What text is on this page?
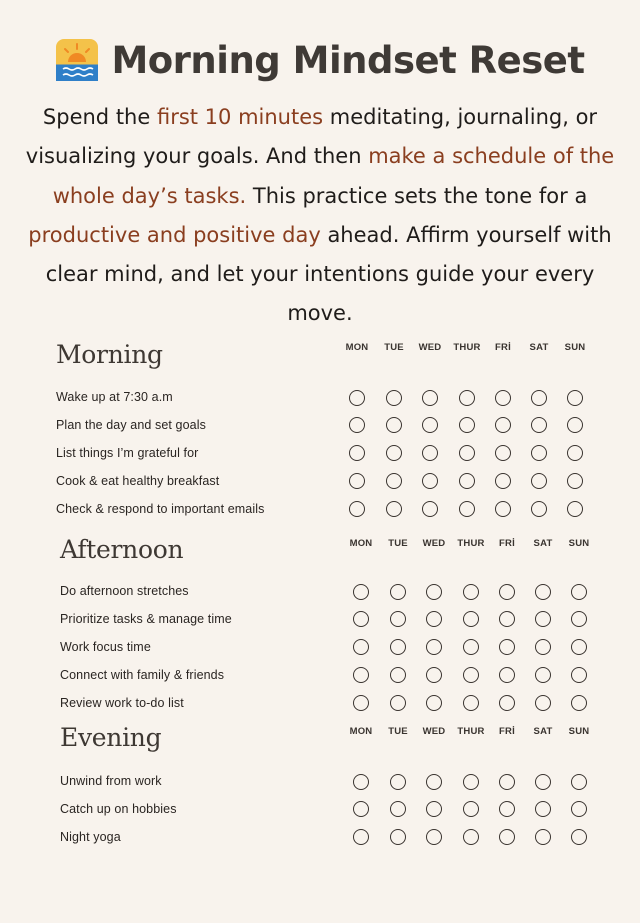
Morning Mindset Reset
Spend the first 10 minutes meditating, journaling, or visualizing your goals. And then make a schedule of the whole day’s tasks. This practice sets the tone for a productive and positive day ahead. Affirm yourself with clear mind, and let your intentions guide your every move.
Morning	MON	TUE	WED	THUR	FRİ	SAT	SUN
Wake up at 7:30 a.m
Plan the day and set goals
List things I’m grateful for
Cook & eat healthy breakfast
Check & respond to important emails
Afternoon	MON	TUE	WED	THUR	FRİ	SAT	SUN
Do afternoon stretches
Prioritize tasks & manage time
Work focus time
Connect with family & friends
Review work to-do list
Evening	MON	TUE	WED	THUR	FRİ	SAT	SUN
Unwind from work
Catch up on hobbies
Night yoga
